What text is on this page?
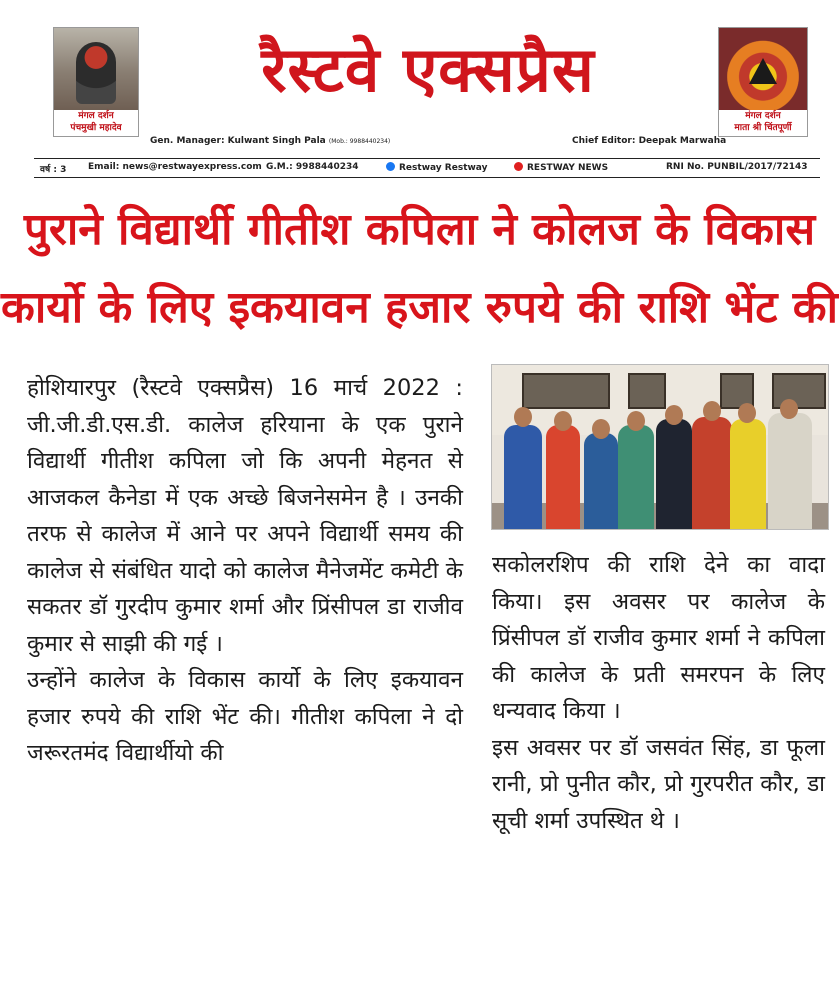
मंगल दर्शन
पंचमुखी महादेव
रैस्टवे एक्सप्रैस
मंगल दर्शन
माता श्री चिंतपूर्णी
Gen. Manager: Kulwant Singh Pala (Mob.: 9988440234)	Chief Editor: Deepak Marwaha
वर्ष : 3 Email: news@restwayexpress.com G.M.: 9988440234	Restway Restway	RESTWAY NEWS	RNI No. PUNBIL/2017/72143
पुराने विद्यार्थी गीतीश कपिला ने कोलज के विकास
कार्यो के लिए इकयावन हजार रुपये की राशि भेंट की

होशियारपुर (रैस्टवे एक्सप्रैस) 16 मार्च 2022 : जी.जी.डी.एस.डी. कालेज हरियाना के एक पुराने विद्यार्थी गीतीश कपिला जो कि अपनी मेहनत से आजकल कैनेडा में एक अच्छे बिजनेसमेन है । उनकी तरफ से कालेज में आने पर अपने विद्यार्थी समय की कालेज से संबंधित यादो को कालेज मैनेजमेंट कमेटी के सकतर डॉ गुरदीप कुमार शर्मा और प्रिंसीपल डा राजीव कुमार से साझी की गई ।

उन्होंने कालेज के विकास कार्यो के लिए इकयावन हजार रुपये की राशि भेंट की। गीतीश कपिला ने दो जरूरतमंद विद्यार्थीयो की

सकोलरशिप की राशि देने का वादा किया। इस अवसर पर कालेज के प्रिंसीपल डॉ राजीव कुमार शर्मा ने कपिला की कालेज के प्रती समरपन के लिए धन्यवाद किया ।

इस अवसर पर डॉ जसवंत सिंह, डा फूला रानी, प्रो पुनीत कौर, प्रो गुरपरीत कौर, डा सूची शर्मा उपस्थित थे ।
